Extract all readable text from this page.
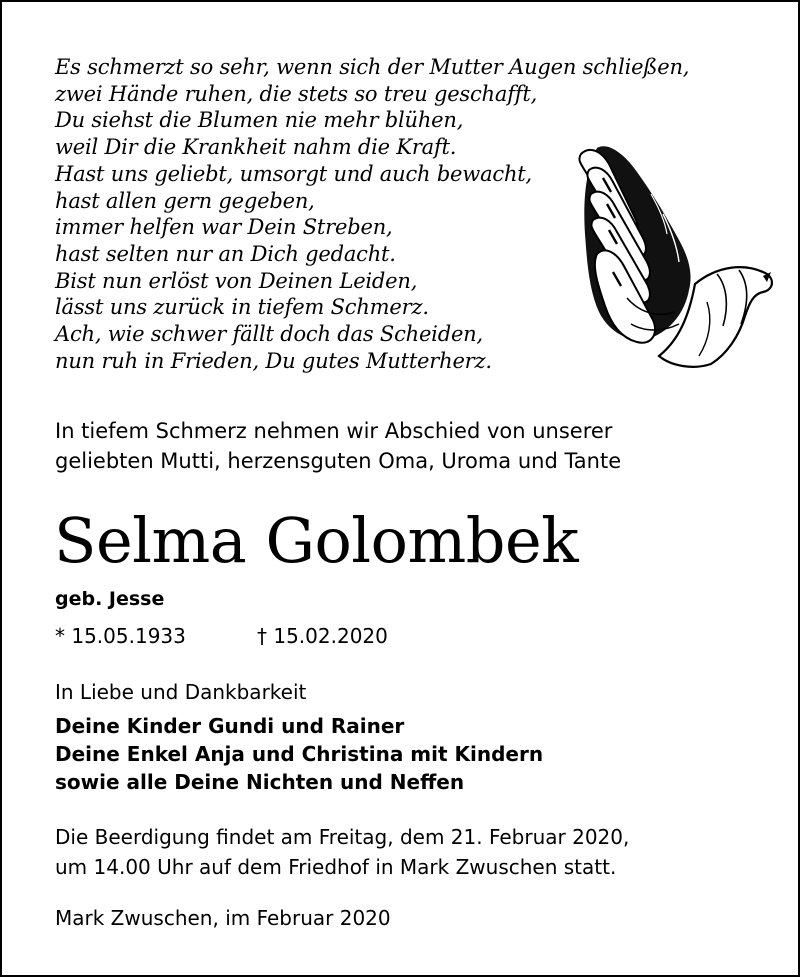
Es schmerzt so sehr, wenn sich der Mutter Augen schließen,
zwei Hände ruhen, die stets so treu geschafft,
Du siehst die Blumen nie mehr blühen,
weil Dir die Krankheit nahm die Kraft.
Hast uns geliebt, umsorgt und auch bewacht,
hast allen gern gegeben,
immer helfen war Dein Streben,
hast selten nur an Dich gedacht.
Bist nun erlöst von Deinen Leiden,
lässt uns zurück in tiefem Schmerz.
Ach, wie schwer fällt doch das Scheiden,
nun ruh in Frieden, Du gutes Mutterherz.

In tiefem Schmerz nehmen wir Abschied von unserer
geliebten Mutti, herzensguten Oma, Uroma und Tante

Selma Golombek
geb. Jesse
* 15.05.1933	† 15.02.2020
In Liebe und Dankbarkeit
Deine Kinder Gundi und Rainer
Deine Enkel Anja und Christina mit Kindern
sowie alle Deine Nichten und Neffen

Die Beerdigung findet am Freitag, dem 21. Februar 2020,
um 14.00 Uhr auf dem Friedhof in Mark Zwuschen statt.

Mark Zwuschen, im Februar 2020
